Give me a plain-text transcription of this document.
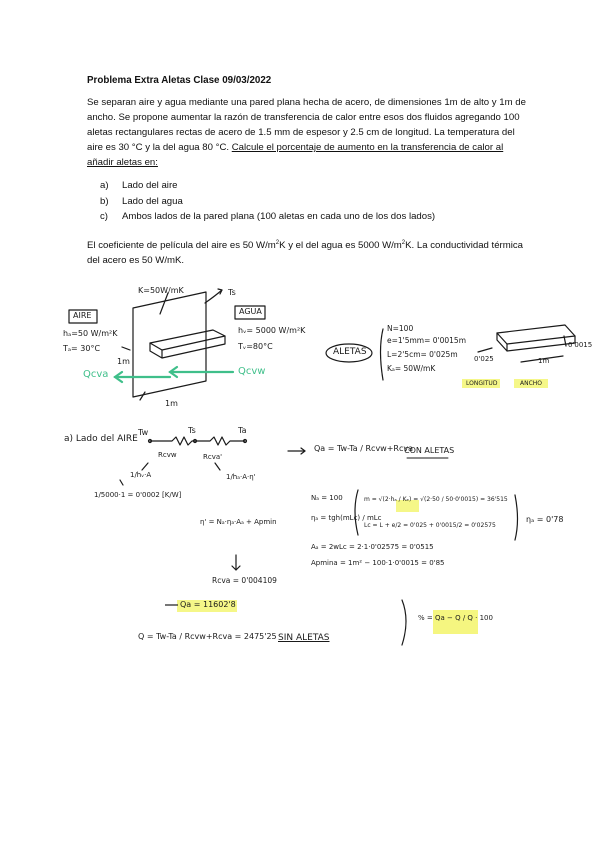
Problema Extra Aletas Clase 09/03/2022
Se separan aire y agua mediante una pared plana hecha de acero, de dimensiones 1m de alto y 1m de ancho. Se propone aumentar la razón de transferencia de calor entre esos dos fluidos agregando 100 aletas rectangulares rectas de acero de 1.5 mm de espesor y 2.5 cm de longitud. La temperatura del aire es 30 °C y la del agua 80 °C. Calcule el porcentaje de aumento en la transferencia de calor al añadir aletas en:
a) Lado del aire
b) Lado del agua
c) Ambos lados de la pared plana (100 aletas en cada uno de los dos lados)
El coeficiente de película del aire es 50 $W/m^2K$ y el del agua es 5000 $W/m^2K$. La conductividad térmica del acero es 50 W/mK.
K=50W/mK	Ts
AIRE	AGUA
hₐ=50 W/m²K
Tₐ= 30°C
hᵥ= 5000 W/m²K
Tᵥ=80°C
Qcva	Qcvw
1m
1m
ALETAS
N=100
e=1'5mm= 0'0015m
L=2'5cm= 0'025m
Kₐ= 50W/mK
0'0015
0'025	1m
LONGITUD	ANCHO
a) Lado del AIRE
Tw	Ts	Ta
Rcvw	Rcva'
1/hᵥ·A	1/hₐ·A·η'
1/5000·1 = 0'0002 [K/W]
Qa = Tw-Ta / Rcvw+Rcva
CON ALETAS
η' = Nₐ·ηₐ·Aₐ + Apmin
Nₐ = 100
ηₐ = tgh(mLc) / mLc
m = √(2·hₐ / Kₑ) = √(2·50 / 50·0'0015) = 36'515
Lc = L + e/2 = 0'025 + 0'0015/2 = 0'02575
ηₐ = 0'78
Aₐ = 2wLc = 2·1·0'02575 = 0'0515
Apmina = 1m² − 100·1·0'0015 = 0'85
Rcva = 0'004109
Qa = 11602'8
Q = Tw-Ta / Rcvw+Rcva = 2475'25 SIN ALETAS
% = Qa − Q / Q · 100
